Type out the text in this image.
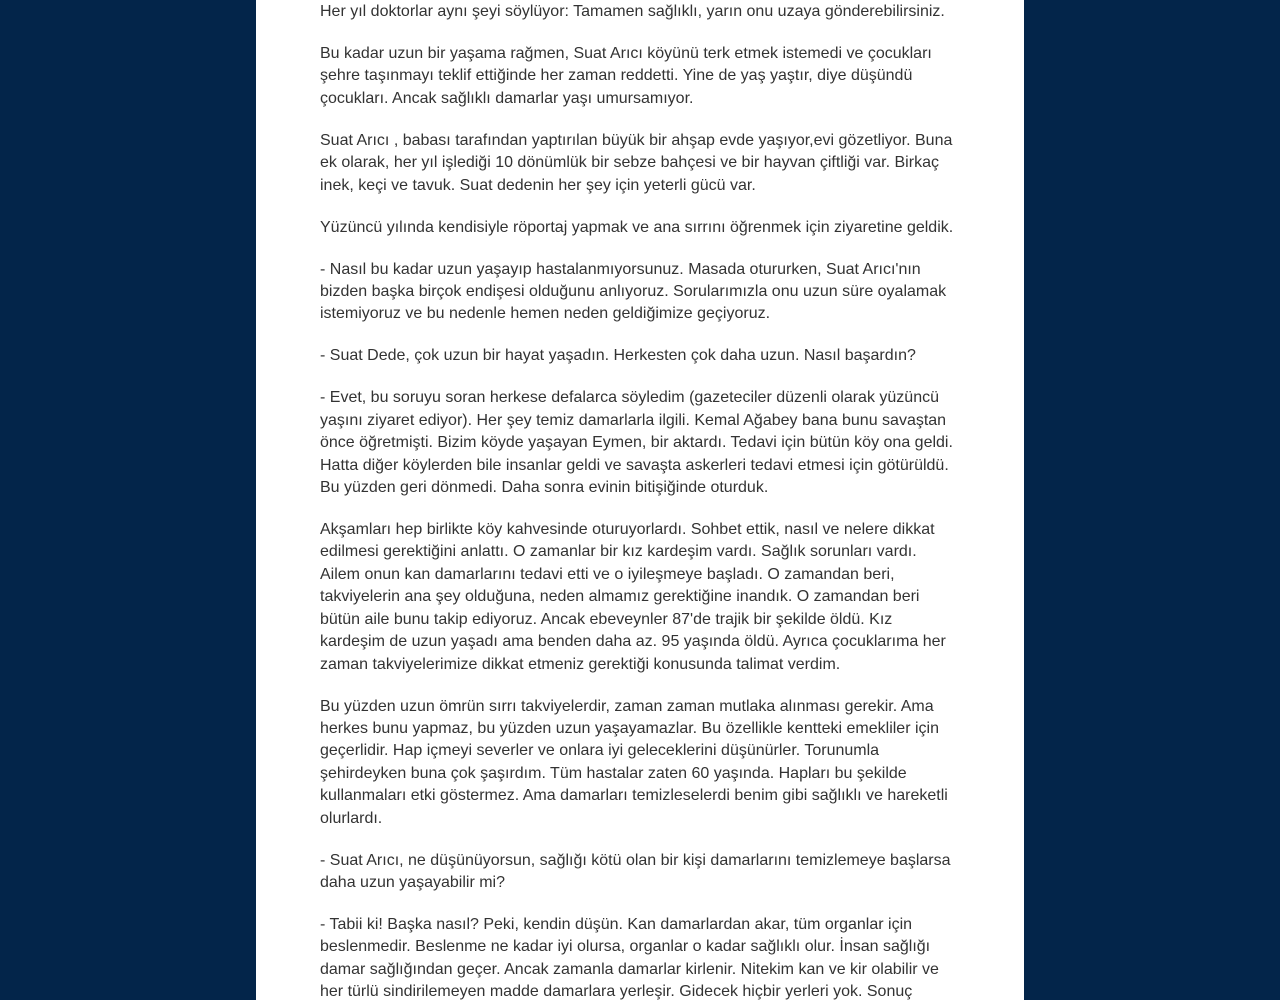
Her yıl doktorlar aynı şeyi söylüyor: Tamamen sağlıklı, yarın onu uzaya gönderebilirsiniz.

Bu kadar uzun bir yaşama rağmen, Suat Arıcı köyünü terk etmek istemedi ve çocukları şehre taşınmayı teklif ettiğinde her zaman reddetti. Yine de yaş yaştır, diye düşündü çocukları. Ancak sağlıklı damarlar yaşı umursamıyor.

Suat Arıcı , babası tarafından yaptırılan büyük bir ahşap evde yaşıyor,evi gözetliyor. Buna ek olarak, her yıl işlediği 10 dönümlük bir sebze bahçesi ve bir hayvan çiftliği var. Birkaç inek, keçi ve tavuk. Suat dedenin her şey için yeterli gücü var.

Yüzüncü yılında kendisiyle röportaj yapmak ve ana sırrını öğrenmek için ziyaretine geldik.

- Nasıl bu kadar uzun yaşayıp hastalanmıyorsunuz. Masada otururken, Suat Arıcı'nın bizden başka birçok endişesi olduğunu anlıyoruz. Sorularımızla onu uzun süre oyalamak istemiyoruz ve bu nedenle hemen neden geldiğimize geçiyoruz.

- Suat Dede, çok uzun bir hayat yaşadın. Herkesten çok daha uzun. Nasıl başardın?

- Evet, bu soruyu soran herkese defalarca söyledim (gazeteciler düzenli olarak yüzüncü yaşını ziyaret ediyor). Her şey temiz damarlarla ilgili. Kemal Ağabey bana bunu savaştan önce öğretmişti. Bizim köyde yaşayan Eymen, bir aktardı. Tedavi için bütün köy ona geldi. Hatta diğer köylerden bile insanlar geldi ve savaşta askerleri tedavi etmesi için götürüldü. Bu yüzden geri dönmedi. Daha sonra evinin bitişiğinde oturduk.

Akşamları hep birlikte köy kahvesinde oturuyorlardı. Sohbet ettik, nasıl ve nelere dikkat edilmesi gerektiğini anlattı. O zamanlar bir kız kardeşim vardı. Sağlık sorunları vardı. Ailem onun kan damarlarını tedavi etti ve o iyileşmeye başladı. O zamandan beri, takviyelerin ana şey olduğuna, neden almamız gerektiğine inandık. O zamandan beri bütün aile bunu takip ediyoruz. Ancak ebeveynler 87'de trajik bir şekilde öldü. Kız kardeşim de uzun yaşadı ama benden daha az. 95 yaşında öldü. Ayrıca çocuklarıma her zaman takviyelerimize dikkat etmeniz gerektiği konusunda talimat verdim.

Bu yüzden uzun ömrün sırrı takviyelerdir, zaman zaman mutlaka alınması gerekir. Ama herkes bunu yapmaz, bu yüzden uzun yaşayamazlar. Bu özellikle kentteki emekliler için geçerlidir. Hap içmeyi severler ve onlara iyi geleceklerini düşünürler. Torunumla şehirdeyken buna çok şaşırdım. Tüm hastalar zaten 60 yaşında. Hapları bu şekilde kullanmaları etki göstermez. Ama damarları temizleselerdi benim gibi sağlıklı ve hareketli olurlardı.

- Suat Arıcı, ne düşünüyorsun, sağlığı kötü olan bir kişi damarlarını temizlemeye başlarsa daha uzun yaşayabilir mi?

- Tabii ki! Başka nasıl? Peki, kendin düşün. Kan damarlardan akar, tüm organlar için beslenmedir. Beslenme ne kadar iyi olursa, organlar o kadar sağlıklı olur. İnsan sağlığı damar sağlığından geçer. Ancak zamanla damarlar kirlenir. Nitekim kan ve kir olabilir ve her türlü sindirilemeyen madde damarlara yerleşir. Gidecek hiçbir yerleri yok. Sonuç
